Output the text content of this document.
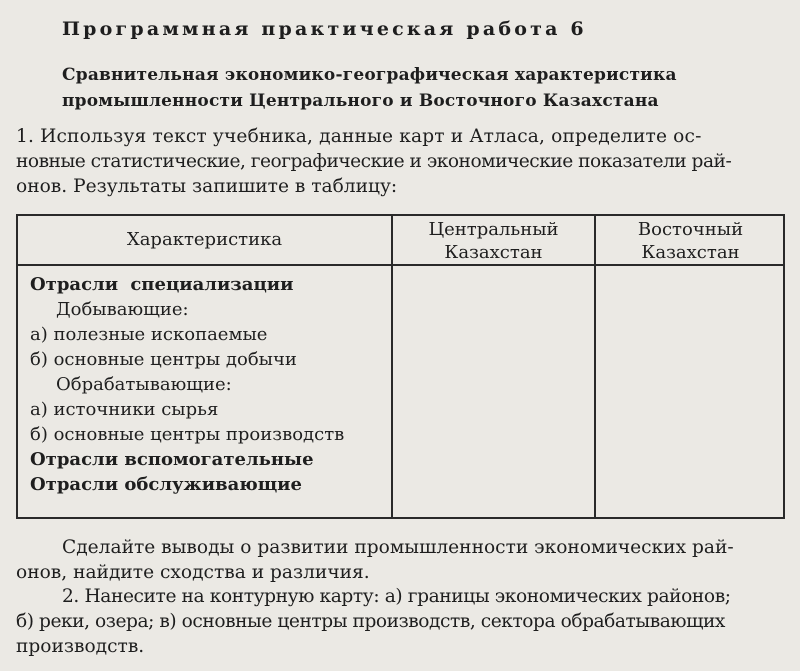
Программная практическая работа 6
Сравнительная экономико-географическая характеристика
промышленности Центрального и Восточного Казахстана
1. Используя текст учебника, данные карт и Атласа, определите ос-
новные статистические, географические и экономические показатели рай-
онов. Результаты запишите в таблицу:
Характеристика	Центральный
Казахстан
Восточный
Казахстан
Отрасли специализации
Добывающие:
а) полезные ископаемые
б) основные центры добычи
Обрабатывающие:
а) источники сырья
б) основные центры производств
Отрасли вспомогательные
Отрасли обслуживающие
Сделайте выводы о развитии промышленности экономических рай-
онов, найдите сходства и различия.
2. Нанесите на контурную карту: а) границы экономических районов;
б) реки, озера; в) основные центры производств, сектора обрабатывающих
производств.
